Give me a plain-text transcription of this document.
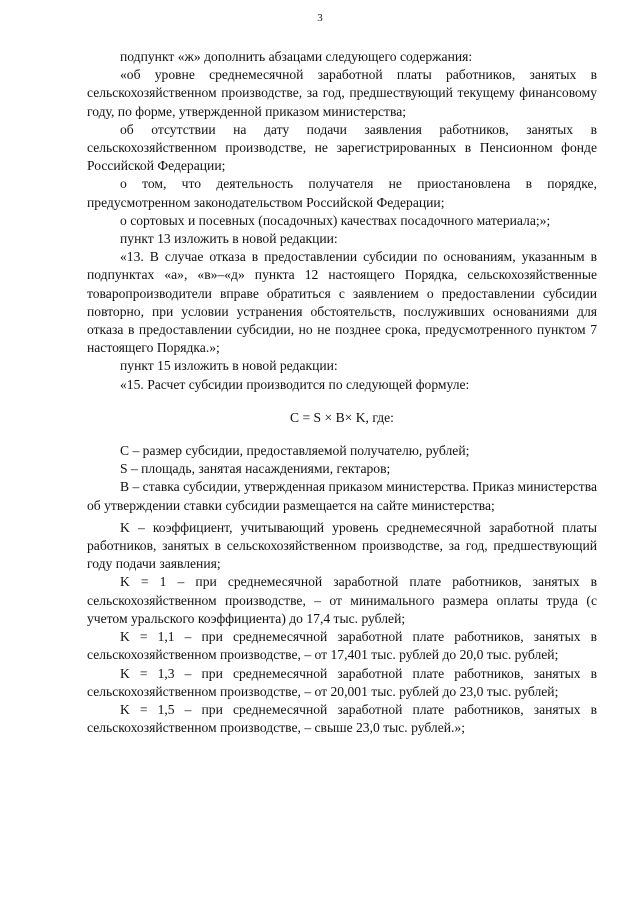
3

подпункт «ж» дополнить абзацами следующего содержания:

«об уровне среднемесячной заработной платы работников, занятых в сельскохозяйственном производстве, за год, предшествующий текущему финансовому году, по форме, утвержденной приказом министерства;

об отсутствии на дату подачи заявления работников, занятых в сельскохозяйственном производстве, не зарегистрированных в Пенсионном фонде Российской Федерации;

о том, что деятельность получателя не приостановлена в порядке, предусмотренном законодательством Российской Федерации;

о сортовых и посевных (посадочных) качествах посадочного материала;»;

пункт 13 изложить в новой редакции:

«13. В случае отказа в предоставлении субсидии по основаниям, указанным в подпунктах «а», «в»–«д» пункта 12 настоящего Порядка, сельскохозяйственные товаропроизводители вправе обратиться с заявлением о предоставлении субсидии повторно, при условии устранения обстоятельств, послуживших основаниями для отказа в предоставлении субсидии, но не позднее срока, предусмотренного пунктом 7 настоящего Порядка.»;

пункт 15 изложить в новой редакции:

«15. Расчет субсидии производится по следующей формуле:

C = S × B× K, где:

C – размер субсидии, предоставляемой получателю, рублей;

S – площадь, занятая насаждениями, гектаров;

B – ставка субсидии, утвержденная приказом министерства. Приказ министерства об утверждении ставки субсидии размещается на сайте министерства;

K – коэффициент, учитывающий уровень среднемесячной заработной платы работников, занятых в сельскохозяйственном производстве, за год, предшествующий году подачи заявления;

K = 1 – при среднемесячной заработной плате работников, занятых в сельскохозяйственном производстве, – от минимального размера оплаты труда (с учетом уральского коэффициента) до 17,4 тыс. рублей;

K = 1,1 – при среднемесячной заработной плате работников, занятых в сельскохозяйственном производстве, – от 17,401 тыс. рублей до 20,0 тыс. рублей;

K = 1,3 – при среднемесячной заработной плате работников, занятых в сельскохозяйственном производстве, – от 20,001 тыс. рублей до 23,0 тыс. рублей;

K = 1,5 – при среднемесячной заработной плате работников, занятых в сельскохозяйственном производстве, – свыше 23,0 тыс. рублей.»;
